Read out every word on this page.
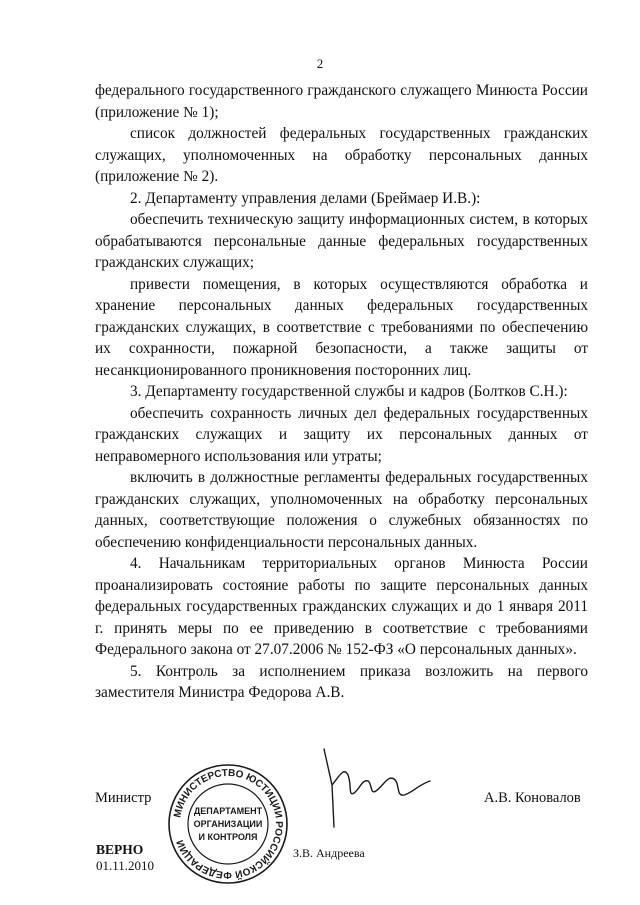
2

федерального государственного гражданского служащего Минюста России (приложение № 1);

список должностей федеральных государственных гражданских служащих, уполномоченных на обработку персональных данных (приложение № 2).

2. Департаменту управления делами (Бреймаер И.В.):

обеспечить техническую защиту информационных систем, в которых обрабатываются персональные данные федеральных государственных гражданских служащих;

привести помещения, в которых осуществляются обработка и хранение персональных данных федеральных государственных гражданских служащих, в соответствие с требованиями по обеспечению их сохранности, пожарной безопасности, а также защиты от несанкционированного проникновения посторонних лиц.

3. Департаменту государственной службы и кадров (Болтков С.Н.):

обеспечить сохранность личных дел федеральных государственных гражданских служащих и защиту их персональных данных от неправомерного использования или утраты;

включить в должностные регламенты федеральных государственных гражданских служащих, уполномоченных на обработку персональных данных, соответствующие положения о служебных обязанностях по обеспечению конфиденциальности персональных данных.

4. Начальникам территориальных органов Минюста России проанализировать состояние работы по защите персональных данных федеральных государственных гражданских служащих и до 1 января 2011 г. принять меры по ее приведению в соответствие с требованиями Федерального закона от 27.07.2006 № 152-ФЗ «О персональных данных».

5. Контроль за исполнением приказа возложить на первого заместителя Министра Федорова А.В.

Министр	А.В. Коновалов
ВЕРНО
01.11.2010
З.В. Андреева
МИНИСТЕРСТВО ЮСТИЦИИ РОССИЙСКОЙ ФЕДЕРАЦИИ
ДЕПАРТАМЕНТ
ОРГАНИЗАЦИИ
И КОНТРОЛЯ
